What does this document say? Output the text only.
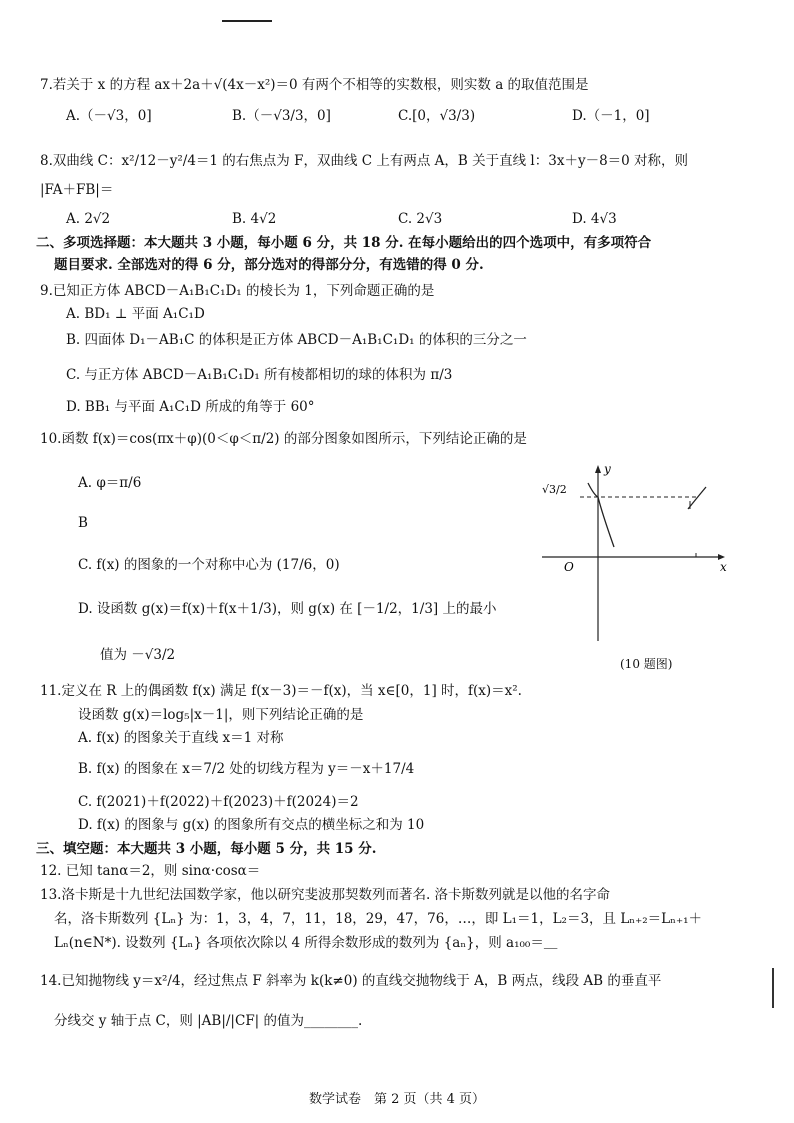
7.若关于 x 的方程 ax＋2a＋√(4x－x²)＝0 有两个不相等的实数根，则实数 a 的取值范围是
A.（－√3，0]	B.（－√3/3，0]	C.[0，√3/3)	D.（－1，0]
8.双曲线 C：x²/12－y²/4＝1 的右焦点为 F，双曲线 C 上有两点 A，B 关于直线 l：3x＋y－8＝0 对称，则
|FA＋FB|＝
A. 2√2	B. 4√2	C. 2√3	D. 4√3
二、多项选择题：本大题共 3 小题，每小题 6 分，共 18 分. 在每小题给出的四个选项中，有多项符合
题目要求. 全部选对的得 6 分，部分选对的得部分分，有选错的得 0 分.
9.已知正方体 ABCD－A₁B₁C₁D₁ 的棱长为 1，下列命题正确的是
A. BD₁ ⊥ 平面 A₁C₁D
B. 四面体 D₁－AB₁C 的体积是正方体 ABCD－A₁B₁C₁D₁ 的体积的三分之一
C. 与正方体 ABCD－A₁B₁C₁D₁ 所有棱都相切的球的体积为 π/3
D. BB₁ 与平面 A₁C₁D 所成的角等于 60°
10.函数 f(x)＝cos(πx＋φ)(0＜φ＜π/2) 的部分图象如图所示，下列结论正确的是
A. φ＝π/6
B
C. f(x) 的图象的一个对称中心为 (17/6，0)
D. 设函数 g(x)＝f(x)＋f(x＋1/3)，则 g(x) 在 [－1/2，1/3] 上的最小
值为 －√3/2
y
x
O
√3/2
(10 题图)
11.定义在 R 上的偶函数 f(x) 满足 f(x－3)＝－f(x)，当 x∈[0，1] 时，f(x)＝x².
设函数 g(x)＝log₅|x－1|，则下列结论正确的是
A. f(x) 的图象关于直线 x＝1 对称
B. f(x) 的图象在 x＝7/2 处的切线方程为 y＝－x＋17/4
C. f(2021)＋f(2022)＋f(2023)＋f(2024)＝2
D. f(x) 的图象与 g(x) 的图象所有交点的横坐标之和为 10
三、填空题：本大题共 3 小题，每小题 5 分，共 15 分.
12. 已知 tanα＝2，则 sinα·cosα＝
13.洛卡斯是十九世纪法国数学家，他以研究斐波那契数列而著名. 洛卡斯数列就是以他的名字命
名，洛卡斯数列 {Lₙ} 为：1，3，4，7，11，18，29，47，76，…，即 L₁＝1，L₂＝3，且 Lₙ₊₂＝Lₙ₊₁＋
Lₙ(n∈N*). 设数列 {Lₙ} 各项依次除以 4 所得余数形成的数列为 {aₙ}，则 a₁₀₀＝＿
14.已知抛物线 y＝x²/4，经过焦点 F 斜率为 k(k≠0) 的直线交抛物线于 A，B 两点，线段 AB 的垂直平
分线交 y 轴于点 C，则 |AB|/|CF| 的值为________.
数学试卷　第 2 页（共 4 页）
